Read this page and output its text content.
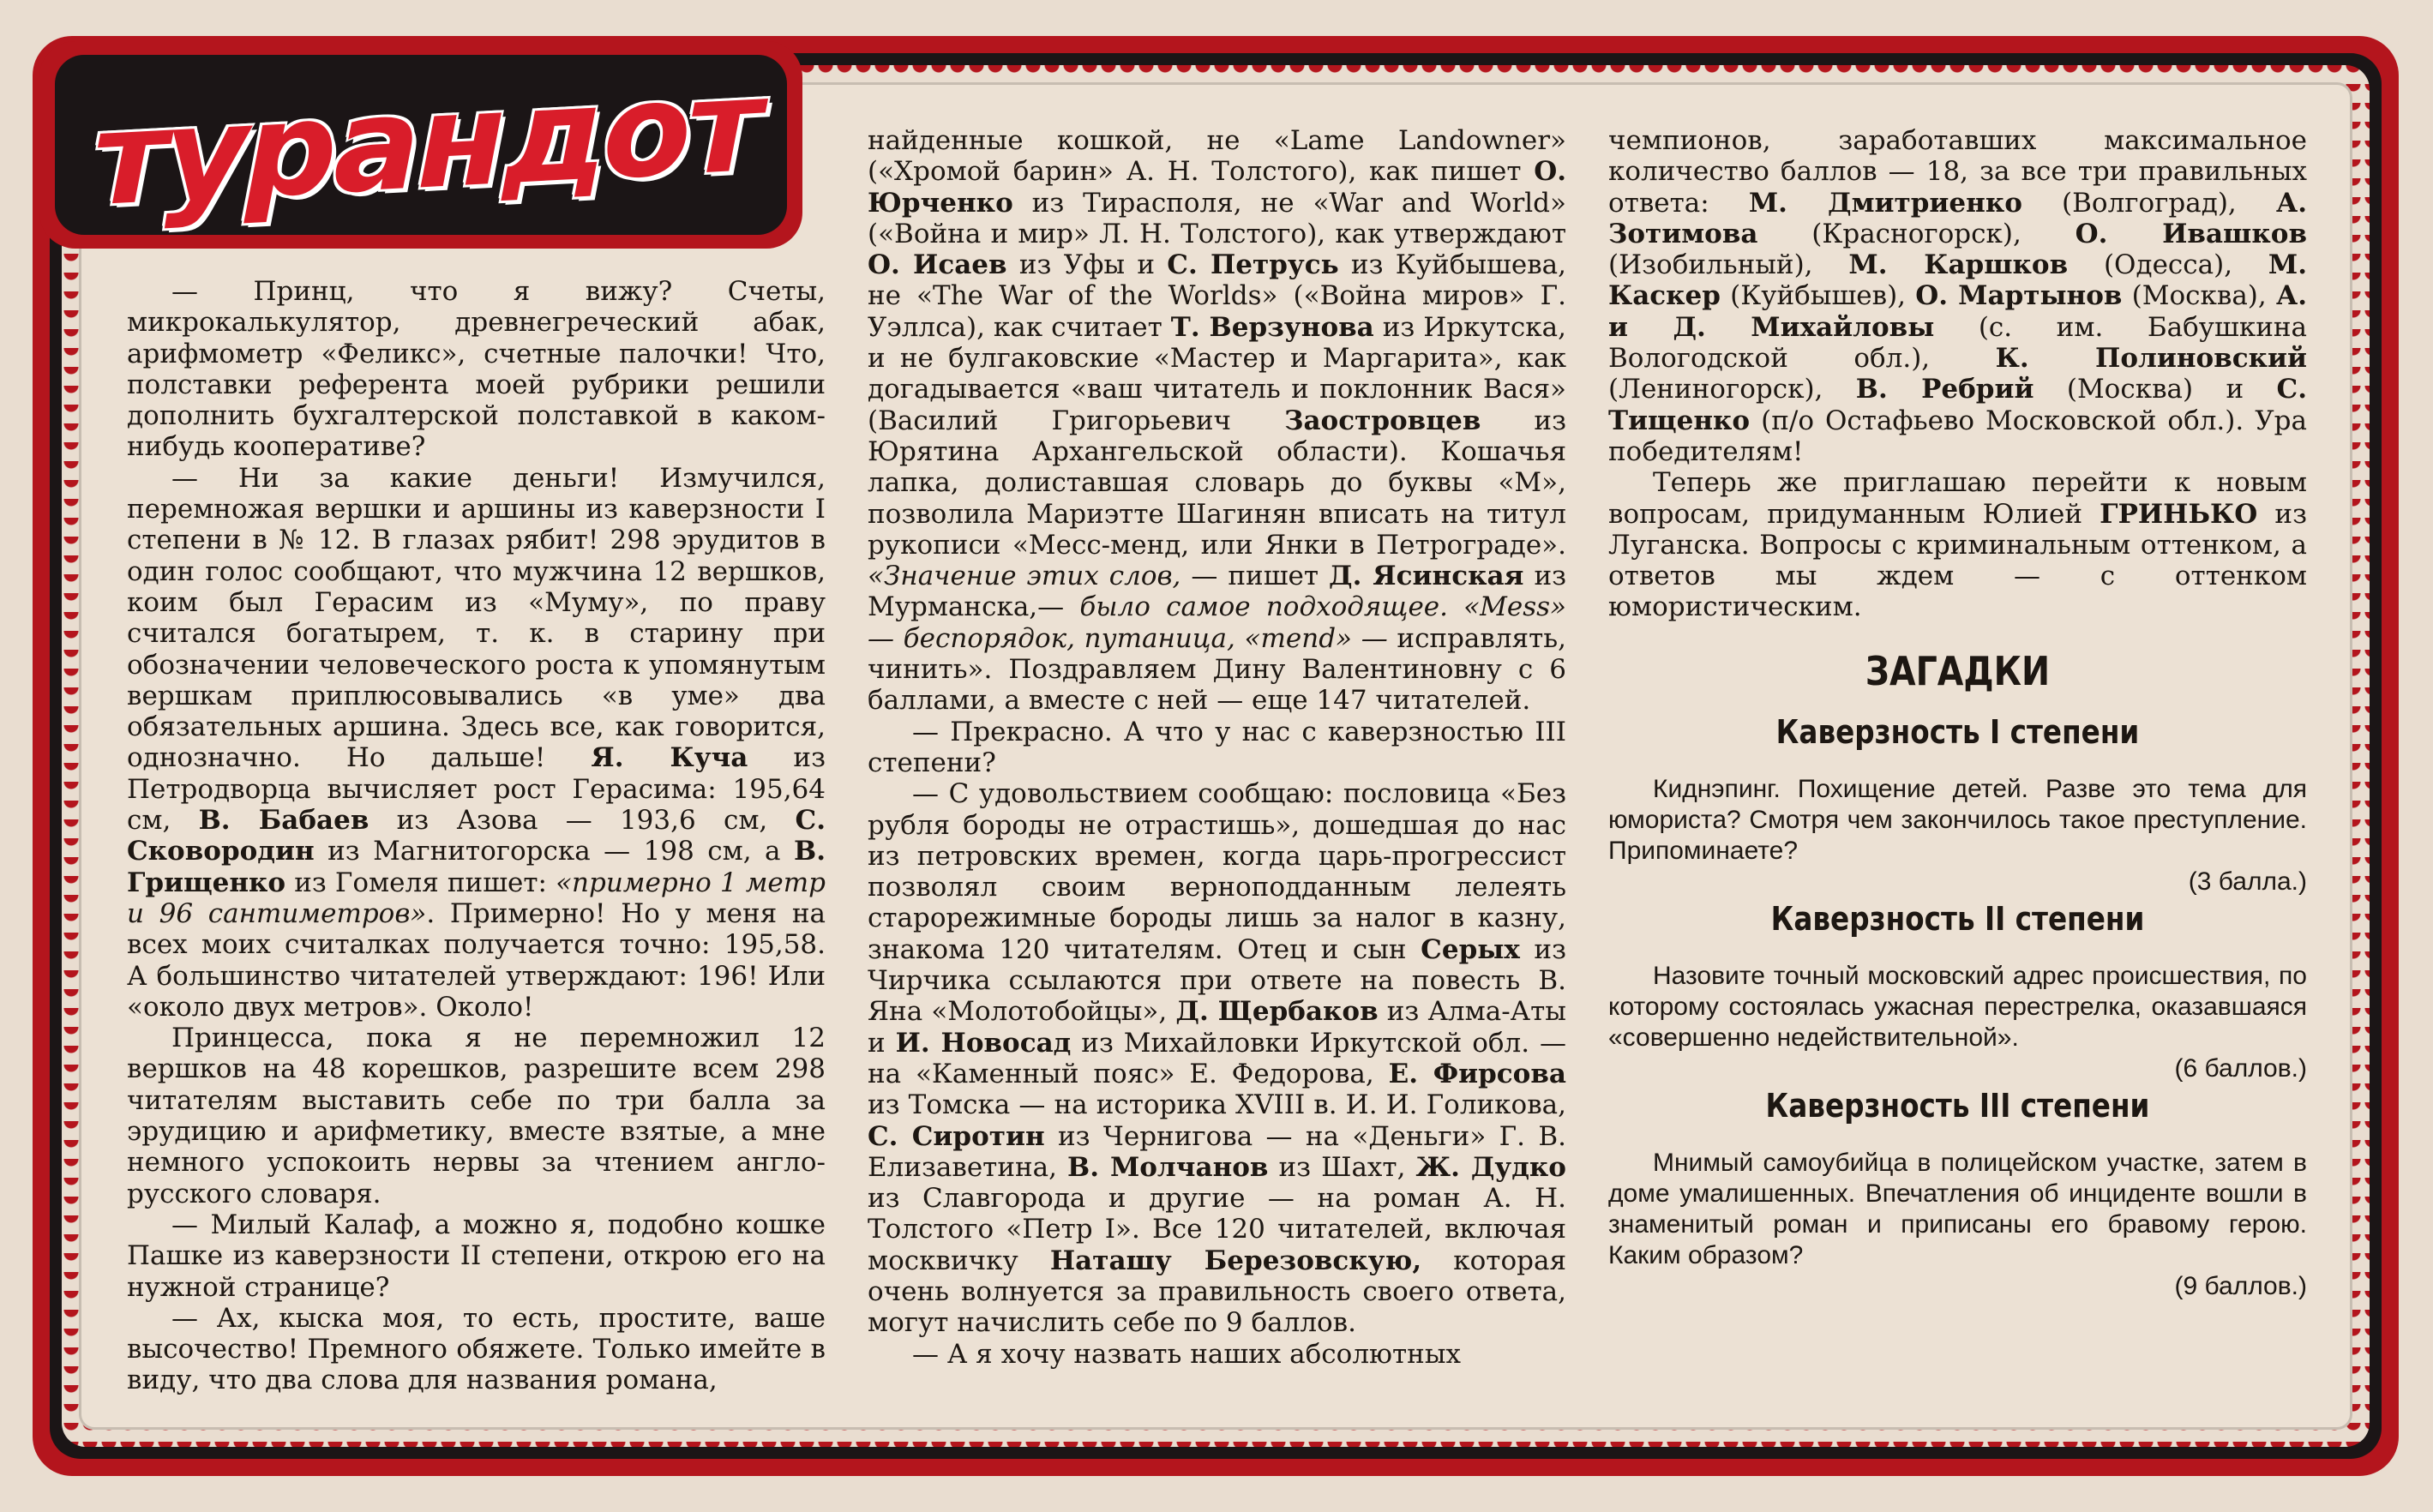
турандот

— Принц, что я вижу? Счеты, микрокалькулятор, древнегреческий абак, арифмометр «Феликс», счетные палочки! Что, полставки референта моей рубрики решили дополнить бухгалтерской полставкой в каком-нибудь кооперативе?

— Ни за какие деньги! Измучился, перемножая вершки и аршины из каверзности I степени в № 12. В глазах рябит! 298 эрудитов в один голос сообщают, что мужчина 12 вершков, коим был Герасим из «Муму», по праву считался богатырем, т. к. в старину при обозначении человеческого роста к упомянутым вершкам приплюсовывались «в уме» два обязательных аршина. Здесь все, как говорится, однозначно. Но дальше! Я. Куча из Петродворца вычисляет рост Герасима: 195,64 см, В. Бабаев из Азова — 193,6 см, С. Сковородин из Магнитогорска — 198 см, а В. Грищенко из Гомеля пишет: «примерно 1 метр и 96 сантиметров». Примерно! Но у меня на всех моих считалках получается точно: 195,58. А большинство читателей утверждают: 196! Или «около двух метров». Около!

Принцесса, пока я не перемножил 12 вершков на 48 корешков, разрешите всем 298 читателям выставить себе по три балла за эрудицию и арифметику, вместе взятые, а мне немного успокоить нервы за чтением англо-русского словаря.

— Милый Калаф, а можно я, подобно кошке Пашке из каверзности II степени, открою его на нужной странице?

— Ах, кыска моя, то есть, простите, ваше высочество! Премного обяжете. Только имейте в виду, что два слова для названия романа,

найденные кошкой, не «Lame Landowner» («Хромой барин» А. Н. Толстого), как пишет О. Юрченко из Тирасполя, не «War and World» («Война и мир» Л. Н. Толстого), как утверждают О. Исаев из Уфы и С. Петрусь из Куйбышева, не «The War of the Worlds» («Война миров» Г. Уэллса), как считает Т. Верзунова из Иркутска, и не булгаковские «Мастер и Маргарита», как догадывается «ваш читатель и поклонник Вася» (Василий Григорьевич Заостровцев из Юрятина Архангельской области). Кошачья лапка, долиставшая словарь до буквы «М», позволила Мариэтте Шагинян вписать на титул рукописи «Месс-менд, или Янки в Петрограде». «Значение этих слов, — пишет Д. Ясинская из Мурманска,— было самое подходящее. «Mess» — беспорядок, путаница, «mend» — исправлять, чинить». Поздравляем Дину Валентиновну с 6 баллами, а вместе с ней — еще 147 читателей.

— Прекрасно. А что у нас с каверзностью III степени?

— С удовольствием сообщаю: пословица «Без рубля бороды не отрастишь», дошедшая до нас из петровских времен, когда царь-прогрессист позволял своим верноподданным лелеять старорежимные бороды лишь за налог в казну, знакома 120 читателям. Отец и сын Серых из Чирчика ссылаются при ответе на повесть В. Яна «Молотобойцы», Д. Щербаков из Алма-Аты и И. Новосад из Михайловки Иркутской обл. — на «Каменный пояс» Е. Федорова, Е. Фирсова из Томска — на историка XVIII в. И. И. Голикова, С. Сиротин из Чернигова — на «Деньги» Г. В. Елизаветина, В. Молчанов из Шахт, Ж. Дудко из Славгорода и другие — на роман А. Н. Толстого «Петр I». Все 120 читателей, включая москвичку Наташу Березовскую, которая очень волнуется за правильность своего ответа, могут начислить себе по 9 баллов.

— А я хочу назвать наших абсолютных

чемпионов, заработавших максимальное количество баллов — 18, за все три правильных ответа: М. Дмитриенко (Волгоград), А. Зотимова (Красногорск), О. Ивашков (Изобильный), М. Каршков (Одесса), М. Каскер (Куйбышев), О. Мартынов (Москва), А. и Д. Михайловы (с. им. Бабушкина Вологодской обл.), К. Полиновский (Лениногорск), В. Ребрий (Москва) и С. Тищенко (п/о Остафьево Московской обл.). Ура победителям!

Теперь же приглашаю перейти к новым вопросам, придуманным Юлией ГРИНЬКО из Луганска. Вопросы с криминальным оттенком, а ответов мы ждем — с оттенком юмористическим.

ЗАГАДКИ
Каверзность I степени

Киднэпинг. Похищение детей. Разве это тема для юмориста? Смотря чем закончилось такое преступление. Припоминаете?

(3 балла.)

Каверзность II степени

Назовите точный московский адрес происшествия, по которому состоялась ужасная перестрелка, оказавшаяся «совершенно недействительной».

(6 баллов.)

Каверзность III степени

Мнимый самоубийца в полицейском участке, затем в доме умалишенных. Впечатления об инциденте вошли в знаменитый роман и приписаны его бравому герою. Каким образом?

(9 баллов.)
